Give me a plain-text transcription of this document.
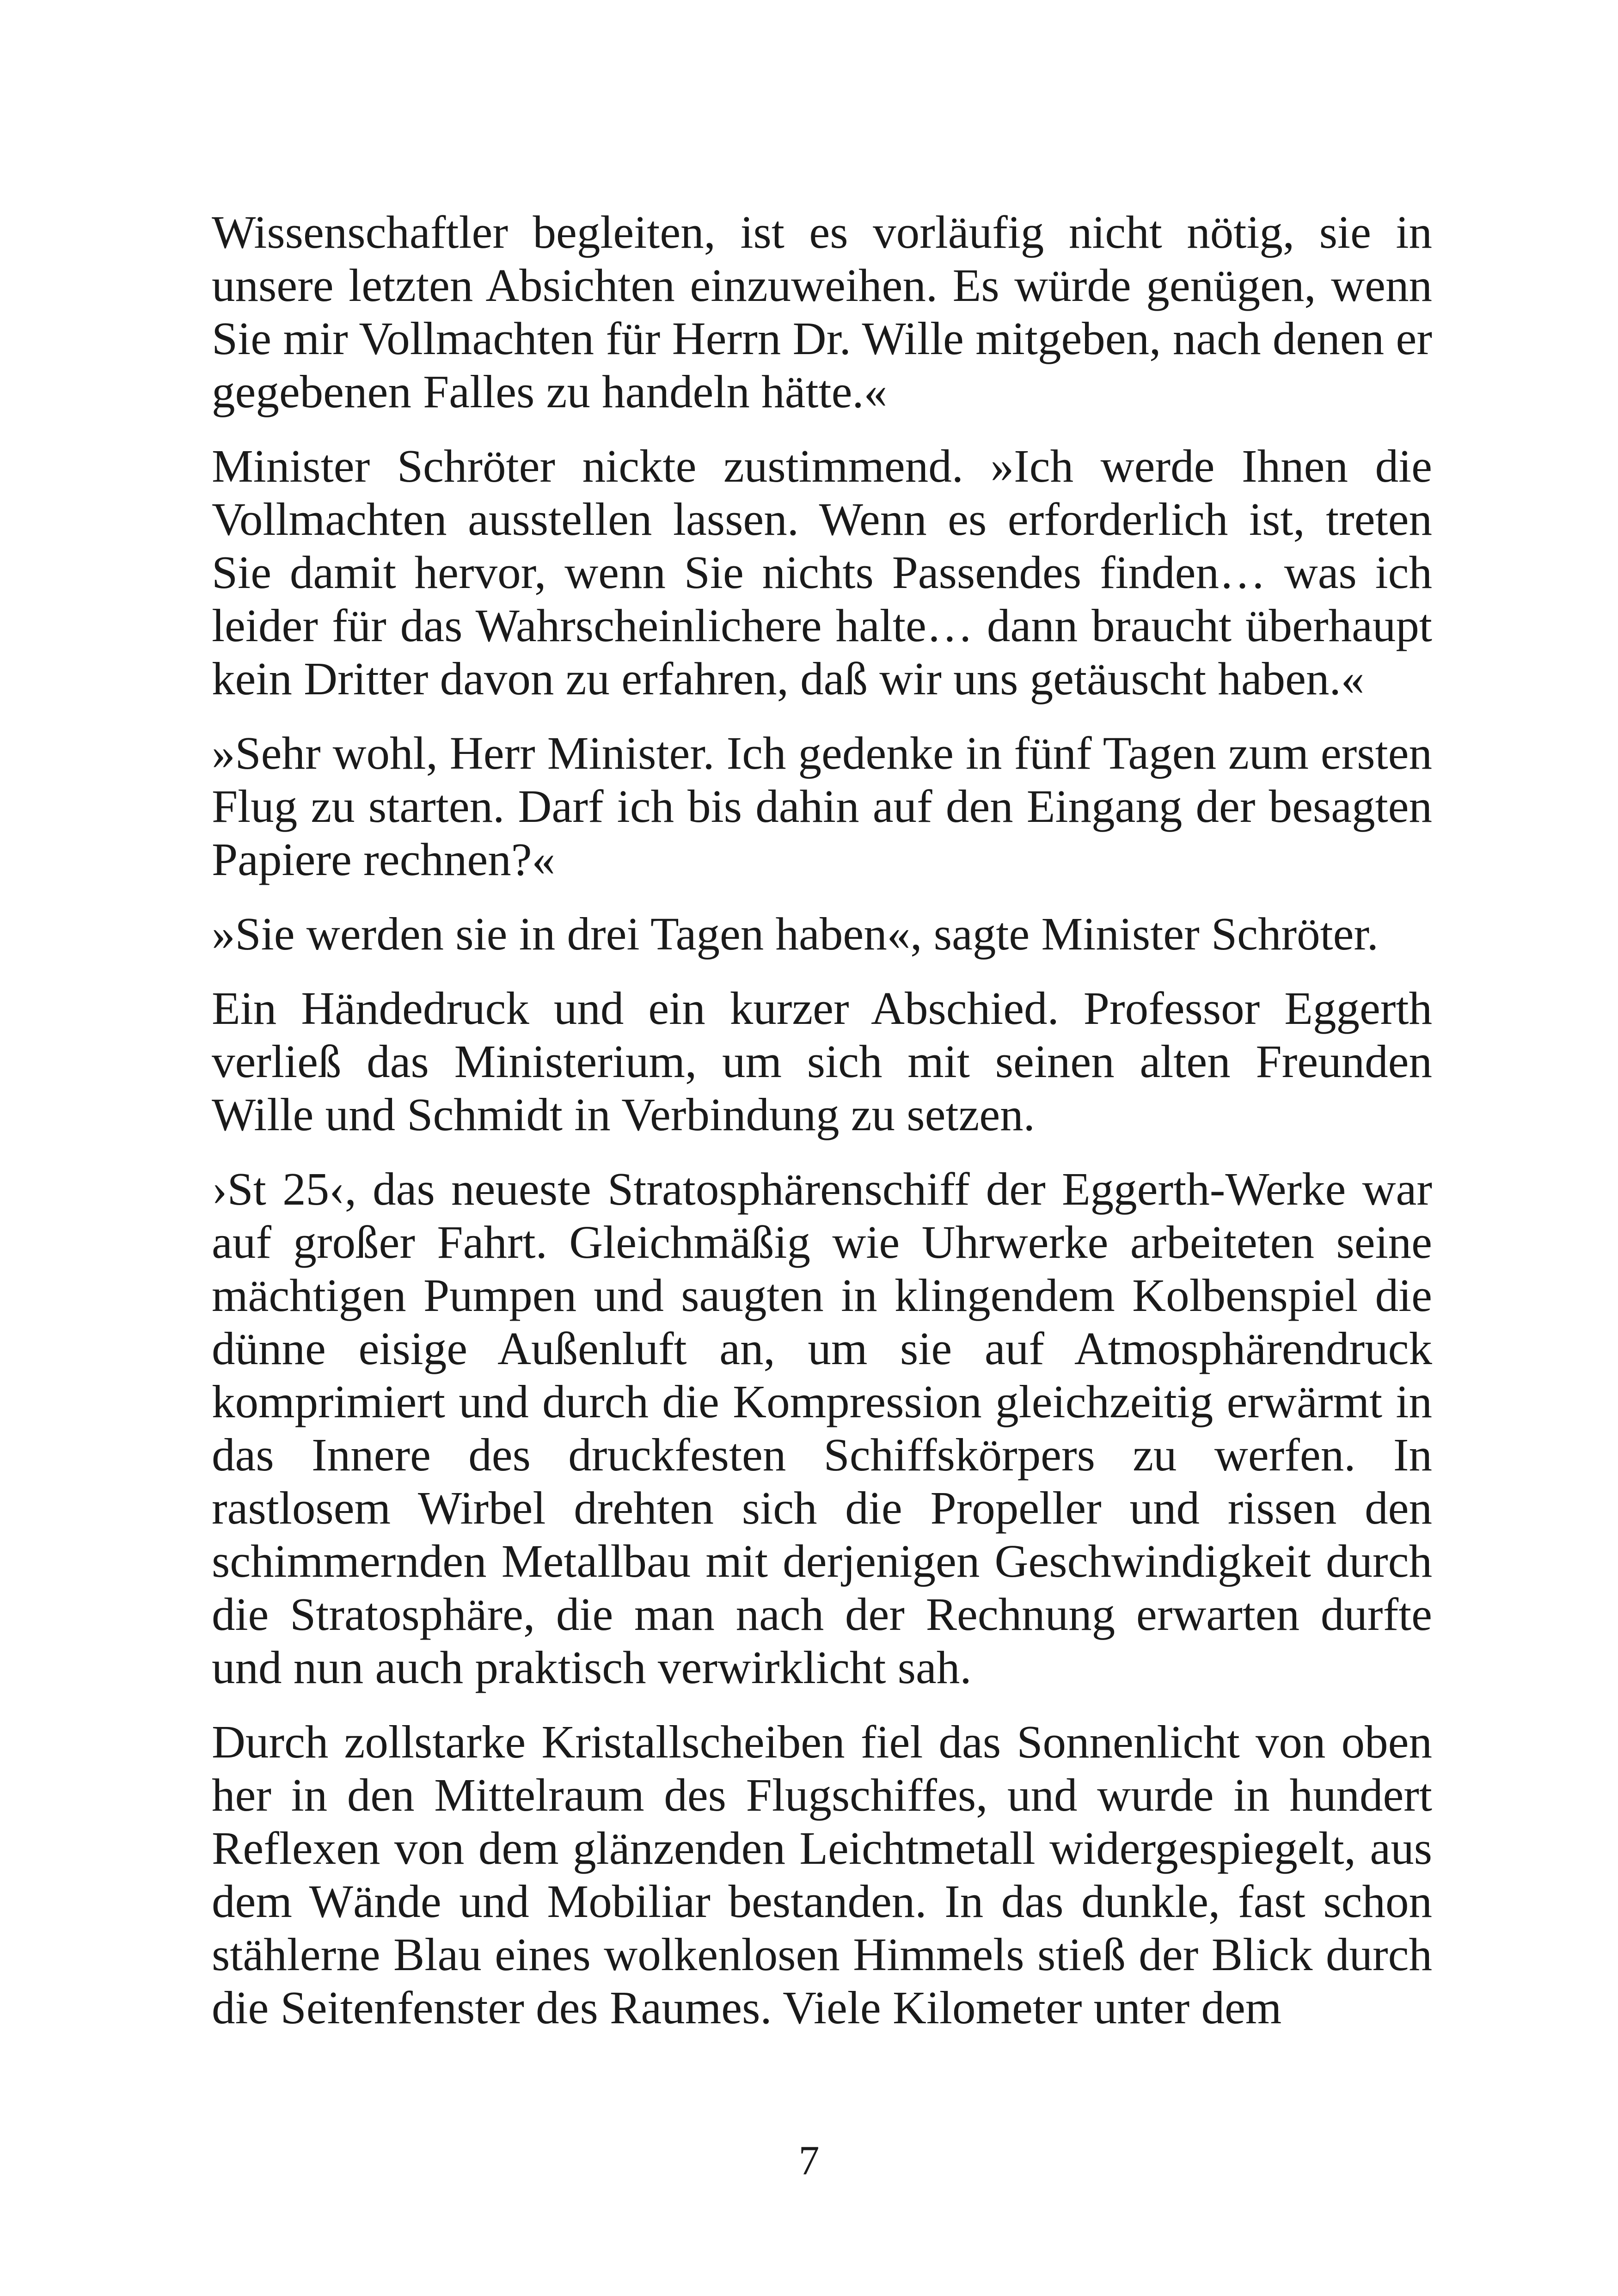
Wissenschaftler begleiten, ist es vorläufig nicht nötig, sie in unsere letzten Absichten einzuweihen. Es würde genügen, wenn Sie mir Vollmachten für Herrn Dr. Wille mitgeben, nach denen er gegebenen Falles zu handeln hätte.«

Minister Schröter nickte zustimmend. »Ich werde Ihnen die Vollmachten ausstellen lassen. Wenn es erforderlich ist, treten Sie damit hervor, wenn Sie nichts Passendes finden… was ich leider für das Wahrscheinlichere halte… dann braucht überhaupt kein Dritter davon zu erfahren, daß wir uns getäuscht haben.«

»Sehr wohl, Herr Minister. Ich gedenke in fünf Tagen zum ersten Flug zu starten. Darf ich bis dahin auf den Eingang der besagten Papiere rechnen?«

»Sie werden sie in drei Tagen haben«, sagte Minister Schröter.

Ein Händedruck und ein kurzer Abschied. Professor Eggerth verließ das Ministerium, um sich mit seinen alten Freunden Wille und Schmidt in Verbindung zu setzen.

›St 25‹, das neueste Stratosphärenschiff der Eggerth-Werke war auf großer Fahrt. Gleichmäßig wie Uhrwerke arbeiteten seine mächtigen Pumpen und saugten in klingendem Kolbenspiel die dünne eisige Außenluft an, um sie auf Atmosphärendruck komprimiert und durch die Kompression gleichzeitig erwärmt in das Innere des druckfesten Schiffskörpers zu werfen. In rastlosem Wirbel drehten sich die Propeller und rissen den schimmernden Metallbau mit derjenigen Geschwindigkeit durch die Stratosphäre, die man nach der Rechnung erwarten durfte und nun auch praktisch verwirklicht sah.

Durch zollstarke Kristallscheiben fiel das Sonnenlicht von oben her in den Mittelraum des Flugschiffes, und wurde in hundert Reflexen von dem glänzenden Leichtmetall widergespiegelt, aus dem Wände und Mobiliar bestanden. In das dunkle, fast schon stählerne Blau eines wolkenlosen Himmels stieß der Blick durch die Seitenfenster des Raumes. Viele Kilometer unter dem

7
